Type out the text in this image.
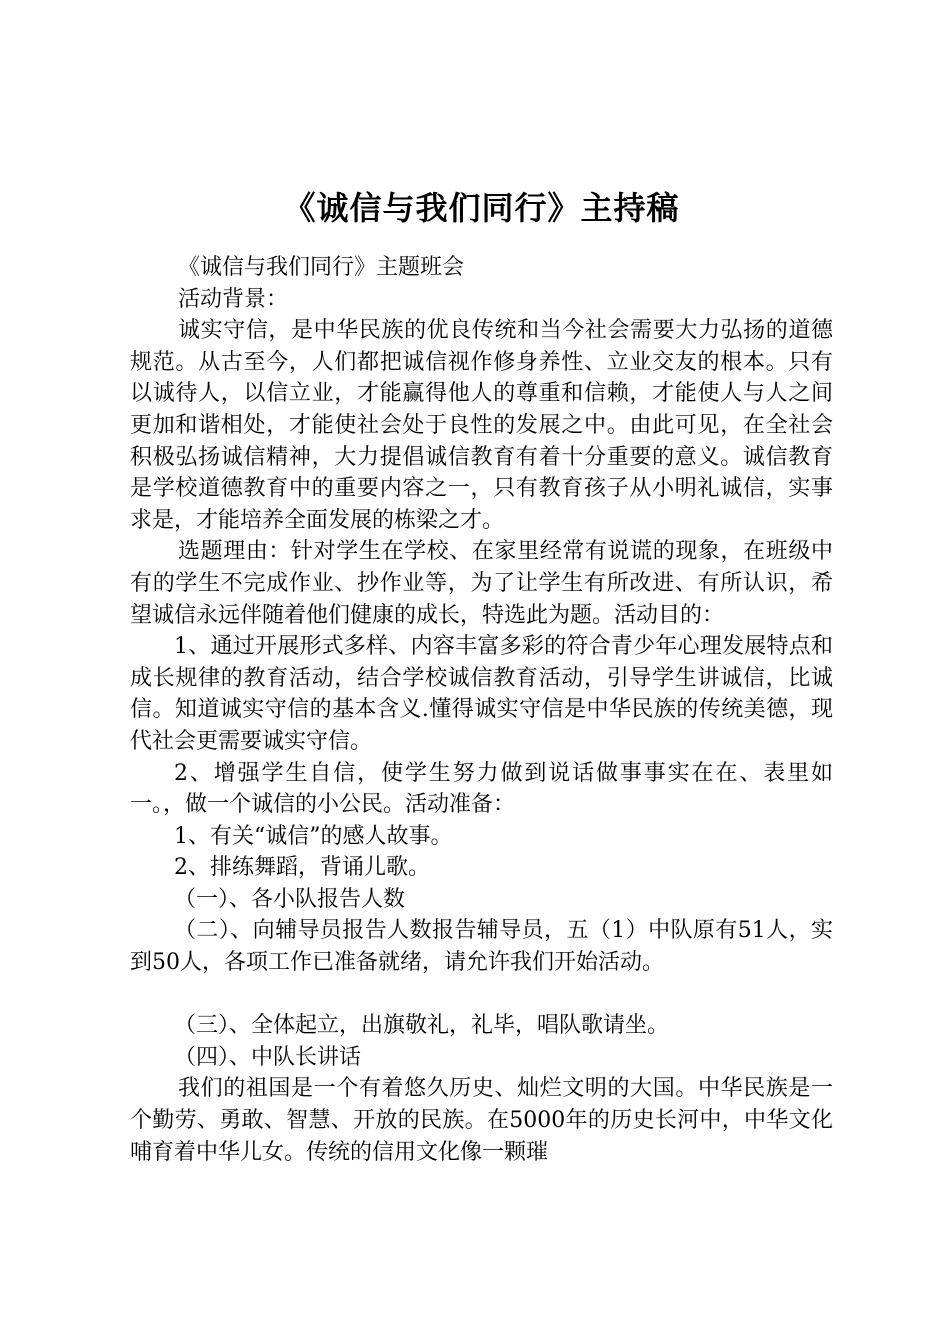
《诚信与我们同行》主持稿

《诚信与我们同行》主题班会

活动背景：

诚实守信，是中华民族的优良传统和当今社会需要大力弘扬的道德规范。从古至今，人们都把诚信视作修身养性、立业交友的根本。只有以诚待人，以信立业，才能赢得他人的尊重和信赖，才能使人与人之间更加和谐相处，才能使社会处于良性的发展之中。由此可见，在全社会积极弘扬诚信精神，大力提倡诚信教育有着十分重要的意义。诚信教育是学校道德教育中的重要内容之一，只有教育孩子从小明礼诚信，实事求是，才能培养全面发展的栋梁之才。

选题理由：针对学生在学校、在家里经常有说谎的现象，在班级中有的学生不完成作业、抄作业等，为了让学生有所改进、有所认识，希望诚信永远伴随着他们健康的成长，特选此为题。活动目的：

1、通过开展形式多样、内容丰富多彩的符合青少年心理发展特点和成长规律的教育活动，结合学校诚信教育活动，引导学生讲诚信，比诚信。知道诚实守信的基本含义.懂得诚实守信是中华民族的传统美德，现代社会更需要诚实守信。

2、增强学生自信，使学生努力做到说话做事事实在在、表里如一。，做一个诚信的小公民。活动准备：

1、有关“诚信”的感人故事。

2、排练舞蹈，背诵儿歌。

（一）、各小队报告人数

（二）、向辅导员报告人数报告辅导员，五（1）中队原有51人，实到50人，各项工作已准备就绪，请允许我们开始活动。

（三）、全体起立，出旗敬礼，礼毕，唱队歌请坐。

（四）、中队长讲话

我们的祖国是一个有着悠久历史、灿烂文明的大国。中华民族是一个勤劳、勇敢、智慧、开放的民族。在5000年的历史长河中，中华文化哺育着中华儿女。传统的信用文化像一颗璀
